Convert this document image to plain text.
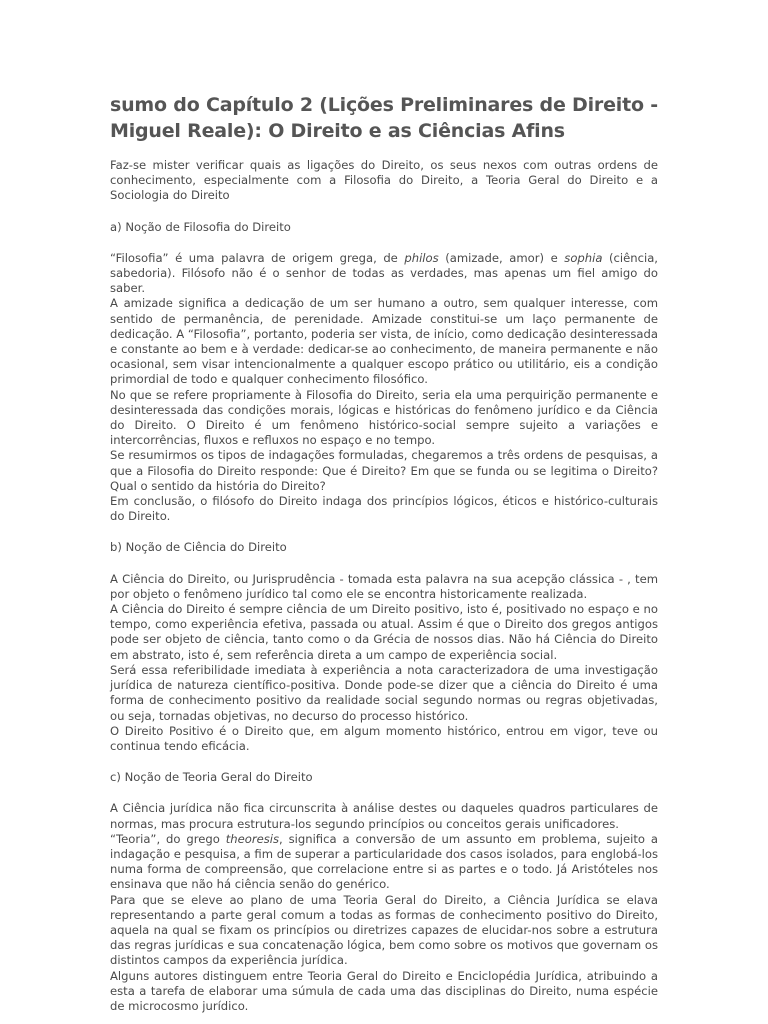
sumo do Capítulo 2 (Lições Preliminares de Direito - Miguel Reale): O Direito e as Ciências Afins

Faz-se mister verificar quais as ligações do Direito, os seus nexos com outras ordens de conhecimento, especialmente com a Filosofia do Direito, a Teoria Geral do Direito e a Sociologia do Direito

a) Noção de Filosofia do Direito

“Filosofia” é uma palavra de origem grega, de philos (amizade, amor) e sophia (ciência, sabedoria). Filósofo não é o senhor de todas as verdades, mas apenas um fiel amigo do saber.

A amizade significa a dedicação de um ser humano a outro, sem qualquer interesse, com sentido de permanência, de perenidade. Amizade constitui-se um laço permanente de dedicação. A “Filosofia”, portanto, poderia ser vista, de início, como dedicação desinteressada e constante ao bem e à verdade: dedicar-se ao conhecimento, de maneira permanente e não ocasional, sem visar intencionalmente a qualquer escopo prático ou utilitário, eis a condição primordial de todo e qualquer conhecimento filosófico.

No que se refere propriamente à Filosofia do Direito, seria ela uma perquirição permanente e desinteressada das condições morais, lógicas e históricas do fenômeno jurídico e da Ciência do Direito. O Direito é um fenômeno histórico-social sempre sujeito a variações e intercorrências, fluxos e refluxos no espaço e no tempo.

Se resumirmos os tipos de indagações formuladas, chegaremos a três ordens de pesquisas, a que a Filosofia do Direito responde: Que é Direito? Em que se funda ou se legitima o Direito? Qual o sentido da história do Direito?

Em conclusão, o filósofo do Direito indaga dos princípios lógicos, éticos e histórico-culturais do Direito.

b) Noção de Ciência do Direito

A Ciência do Direito, ou Jurisprudência - tomada esta palavra na sua acepção clássica - , tem por objeto o fenômeno jurídico tal como ele se encontra historicamente realizada.

A Ciência do Direito é sempre ciência de um Direito positivo, isto é, positivado no espaço e no tempo, como experiência efetiva, passada ou atual. Assim é que o Direito dos gregos antigos pode ser objeto de ciência, tanto como o da Grécia de nossos dias. Não há Ciência do Direito em abstrato, isto é, sem referência direta a um campo de experiência social.

Será essa referibilidade imediata à experiência a nota caracterizadora de uma investigação jurídica de natureza científico-positiva. Donde pode-se dizer que a ciência do Direito é uma forma de conhecimento positivo da realidade social segundo normas ou regras objetivadas, ou seja, tornadas objetivas, no decurso do processo histórico.

O Direito Positivo é o Direito que, em algum momento histórico, entrou em vigor, teve ou continua tendo eficácia.

c) Noção de Teoria Geral do Direito

A Ciência jurídica não fica circunscrita à análise destes ou daqueles quadros particulares de normas, mas procura estrutura-los segundo princípios ou conceitos gerais unificadores.

“Teoria”, do grego theoresis, significa a conversão de um assunto em problema, sujeito a indagação e pesquisa, a fim de superar a particularidade dos casos isolados, para englobá-los numa forma de compreensão, que correlacione entre si as partes e o todo. Já Aristóteles nos ensinava que não há ciência senão do genérico.

Para que se eleve ao plano de uma Teoria Geral do Direito, a Ciência Jurídica se elava representando a parte geral comum a todas as formas de conhecimento positivo do Direito, aquela na qual se fixam os princípios ou diretrizes capazes de elucidar-nos sobre a estrutura das regras jurídicas e sua concatenação lógica, bem como sobre os motivos que governam os distintos campos da experiência jurídica.

Alguns autores distinguem entre Teoria Geral do Direito e Enciclopédia Jurídica, atribuindo a esta a tarefa de elaborar uma súmula de cada uma das disciplinas do Direito, numa espécie de microcosmo jurídico.
